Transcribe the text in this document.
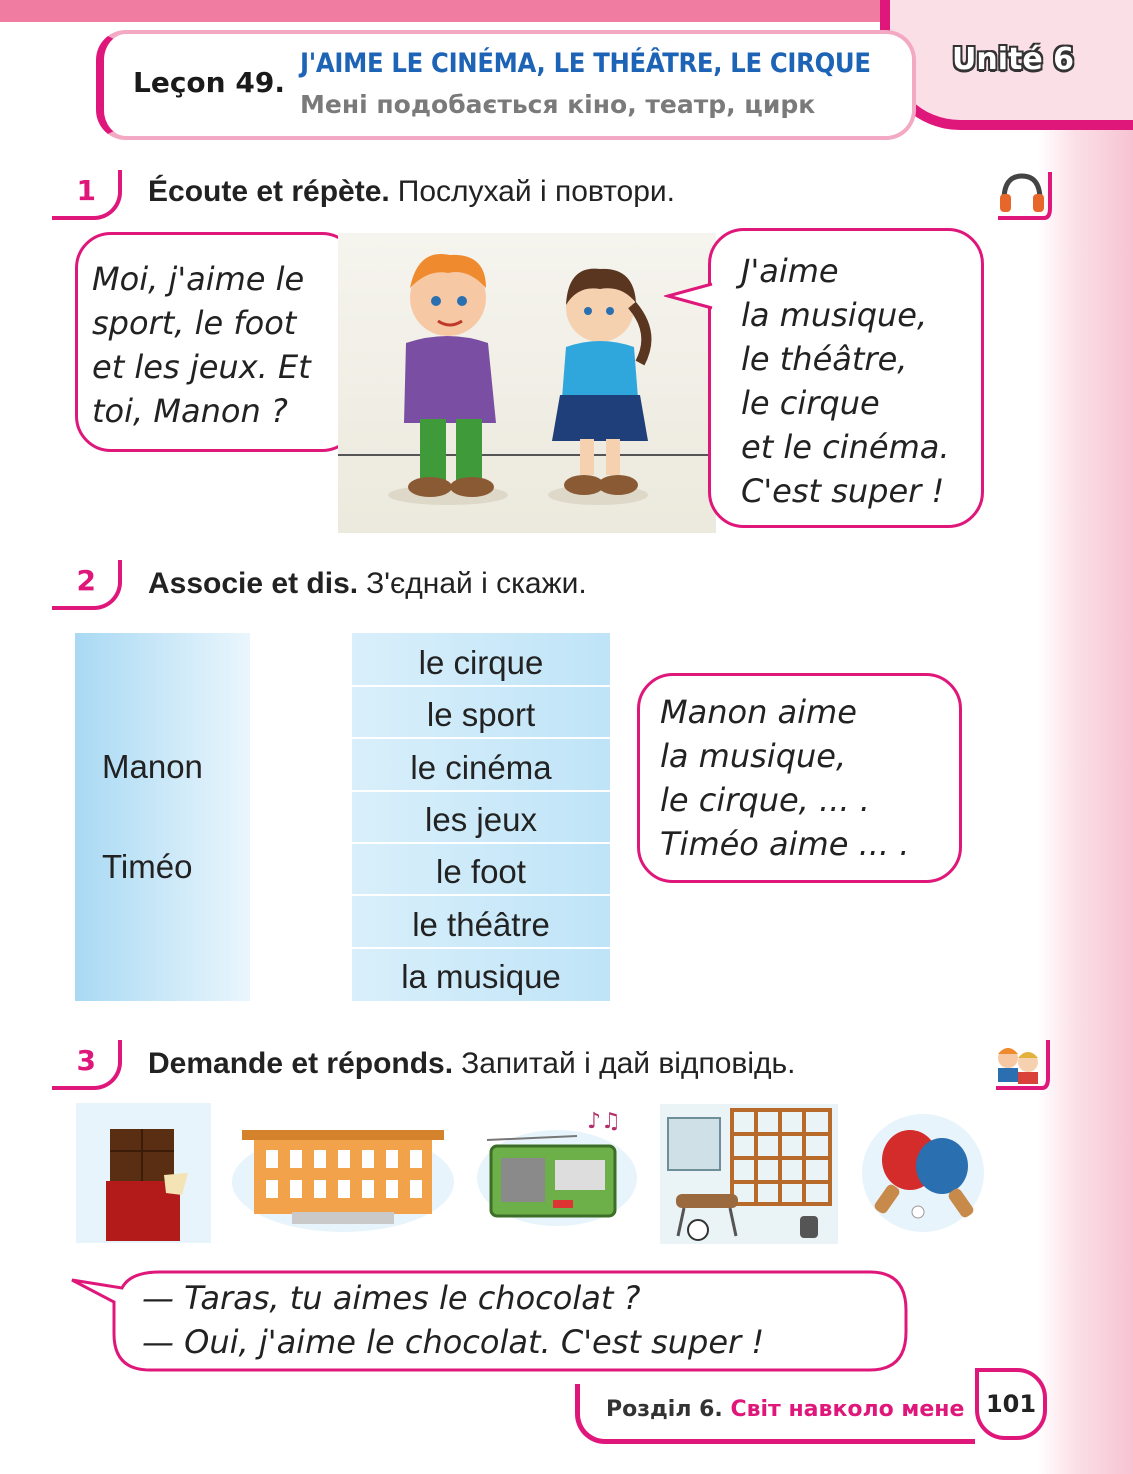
Leçon 49.
J'AIME LE CINÉMA, LE THÉÂTRE, LE CIRQUE
Мені подобається кіно, театр, цирк
Unité 6
1 Écoute et répète. Послухай і повтори.
Moi, j'aime le
sport, le foot
et les jeux. Et
toi, Manon ?
J'aime
la musique,
le théâtre,
le cirque
et le cinéma.
C'est super !
2 Associe et dis. З'єднай і скажи.
Manon
Timéo
le cirque
le sport
le cinéma
les jeux
le foot
le théâtre
la musique
Manon aime
la musique,
le cirque, ... .
Timéo aime ... .
3 Demande et réponds. Запитай і дай відповідь.
♪♫
— Taras, tu aimes le chocolat ?
— Oui, j'aime le chocolat. C'est super !
Розділ 6. Світ навколо мене 101
